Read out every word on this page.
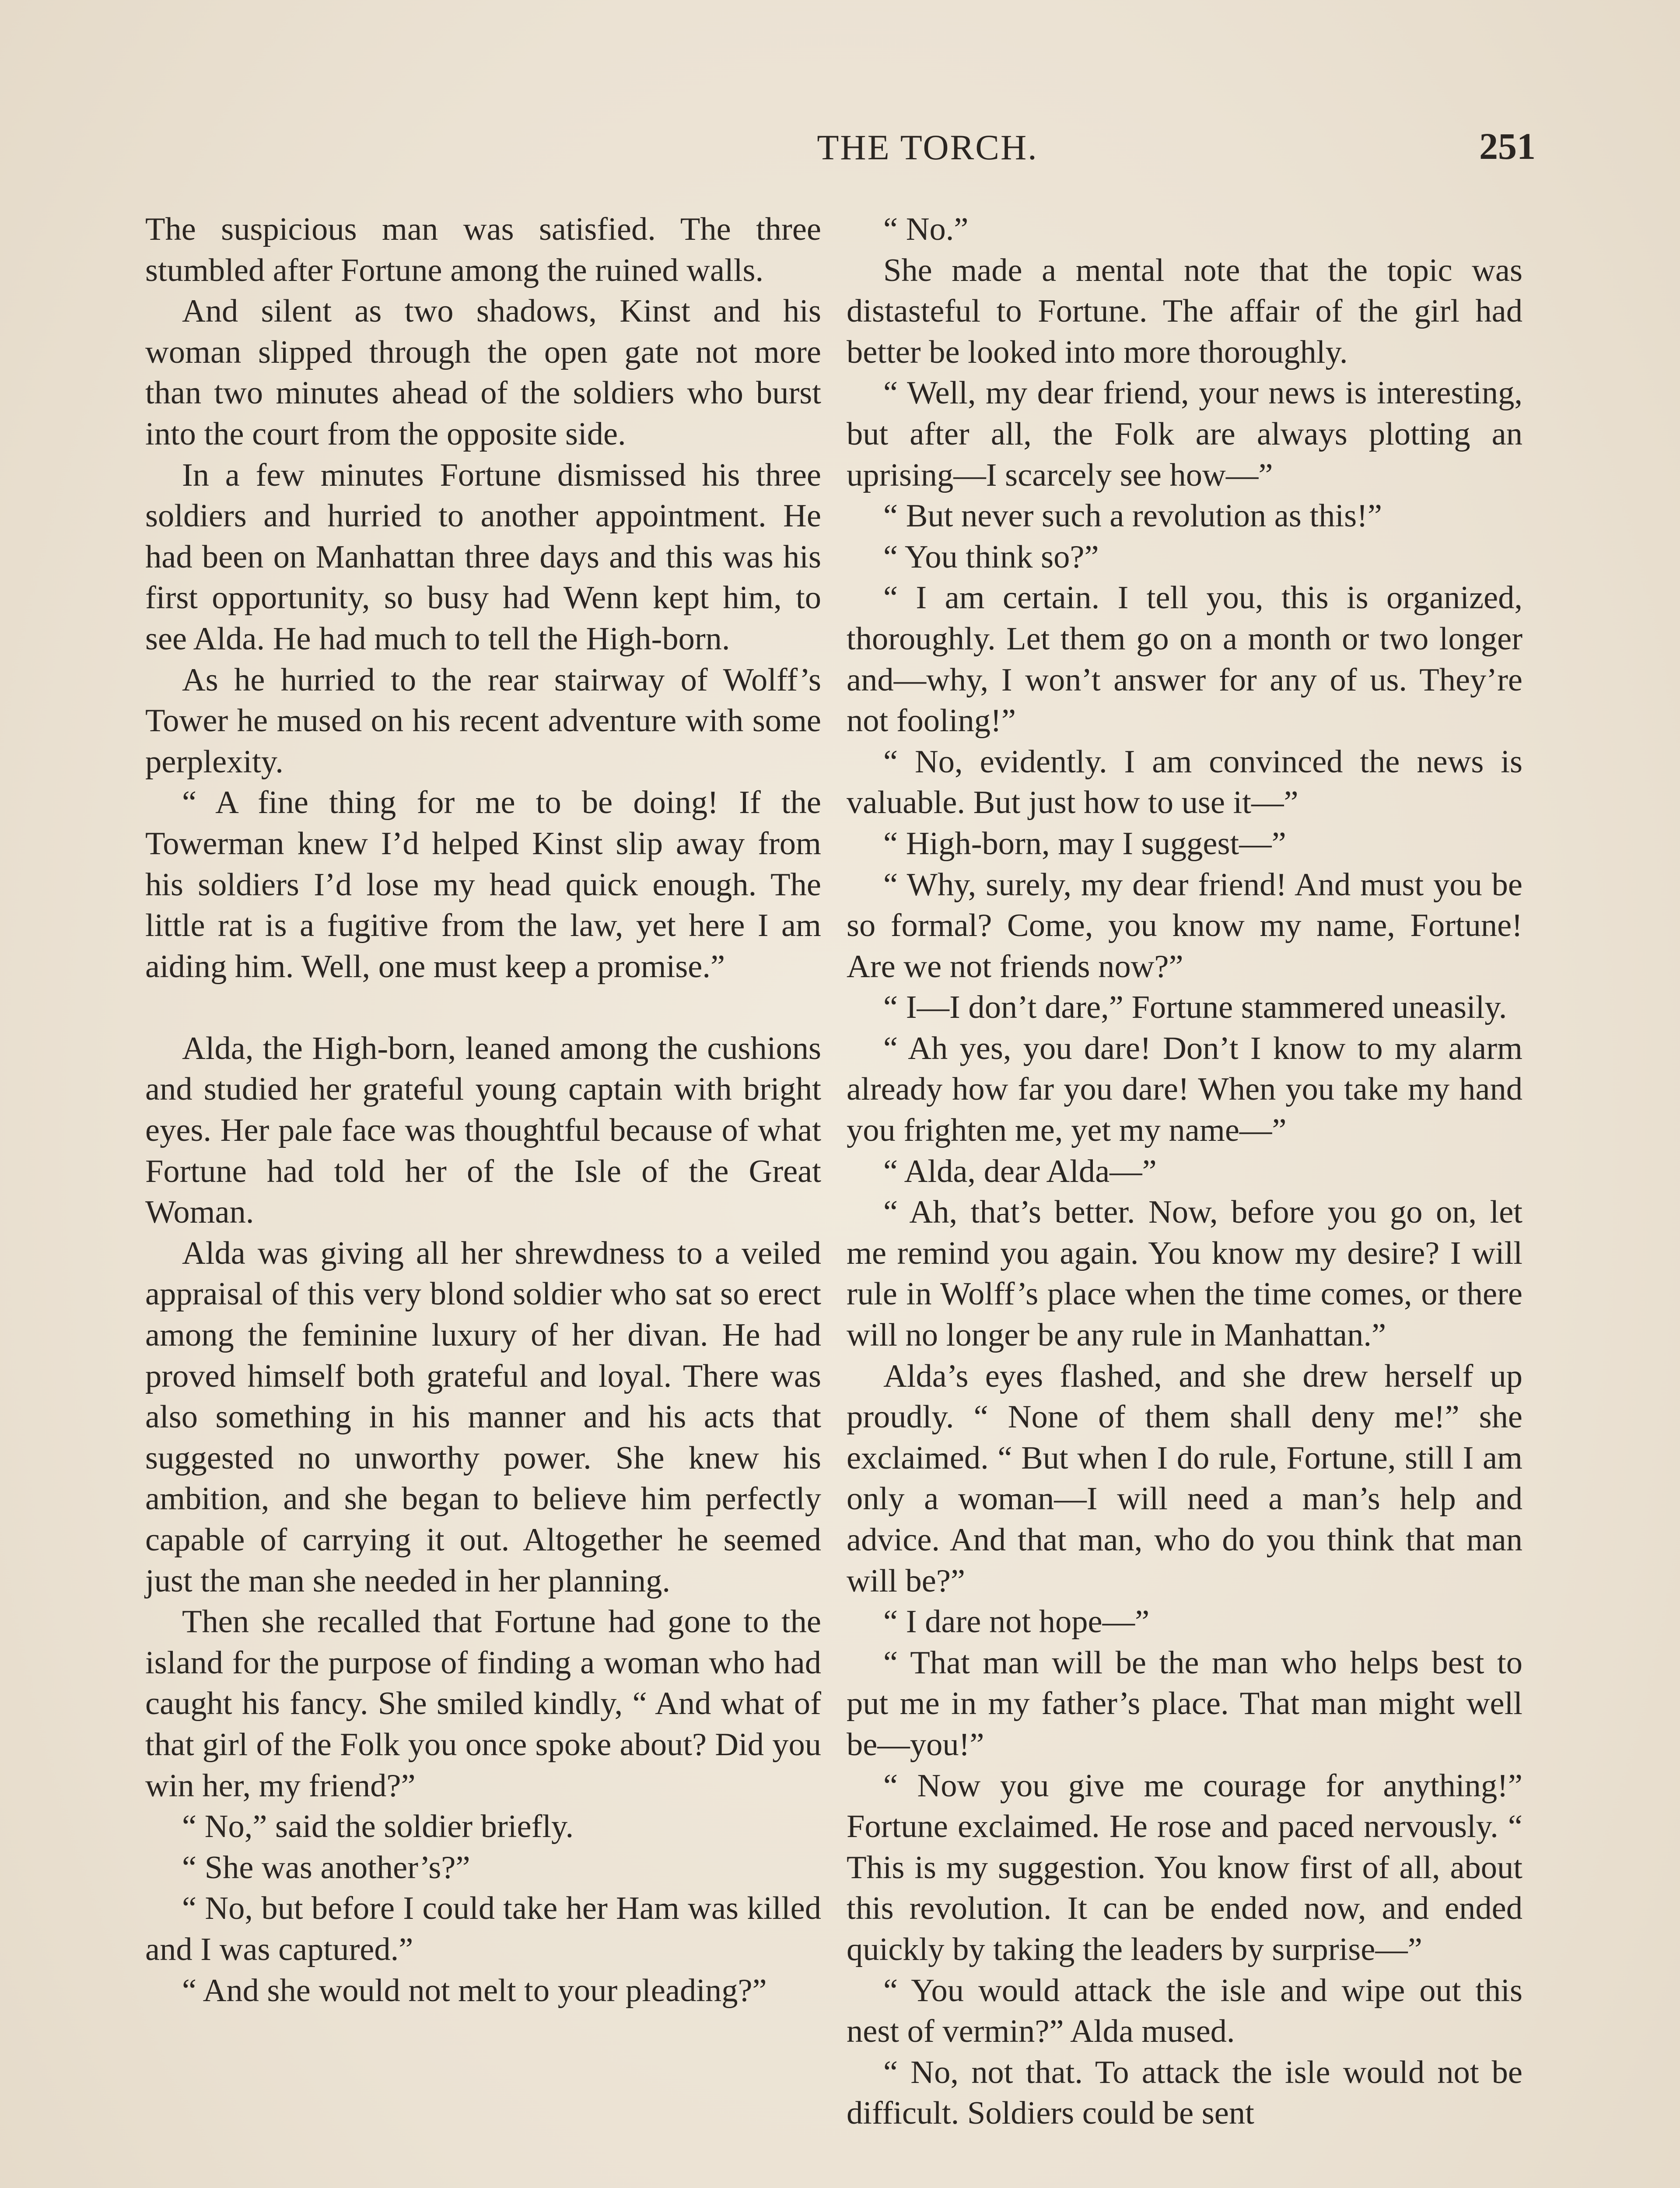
THE TORCH.	251

The suspicious man was satisfied. The three stumbled after Fortune among the ruined walls.

And silent as two shadows, Kinst and his woman slipped through the open gate not more than two minutes ahead of the soldiers who burst into the court from the opposite side.

In a few minutes Fortune dismissed his three soldiers and hurried to another appointment. He had been on Manhattan three days and this was his first opportunity, so busy had Wenn kept him, to see Alda. He had much to tell the High-born.

As he hurried to the rear stairway of Wolff’s Tower he mused on his recent adventure with some perplexity.

“ A fine thing for me to be doing! If the Towerman knew I’d helped Kinst slip away from his soldiers I’d lose my head quick enough. The little rat is a fugitive from the law, yet here I am aiding him. Well, one must keep a promise.”

Alda, the High-born, leaned among the cushions and studied her grateful young captain with bright eyes. Her pale face was thoughtful because of what Fortune had told her of the Isle of the Great Woman.

Alda was giving all her shrewdness to a veiled appraisal of this very blond soldier who sat so erect among the feminine luxury of her divan. He had proved himself both grateful and loyal. There was also something in his manner and his acts that suggested no unworthy power. She knew his ambition, and she began to believe him perfectly capable of carrying it out. Altogether he seemed just the man she needed in her planning.

Then she recalled that Fortune had gone to the island for the purpose of finding a woman who had caught his fancy. She smiled kindly, “ And what of that girl of the Folk you once spoke about? Did you win her, my friend?”

“ No,” said the soldier briefly.

“ She was another’s?”

“ No, but before I could take her Ham was killed and I was captured.”

“ And she would not melt to your pleading?”

“ No.”

She made a mental note that the topic was distasteful to Fortune. The affair of the girl had better be looked into more thoroughly.

“ Well, my dear friend, your news is interesting, but after all, the Folk are always plotting an uprising—I scarcely see how—”

“ But never such a revolution as this!”

“ You think so?”

“ I am certain. I tell you, this is organized, thoroughly. Let them go on a month or two longer and—why, I won’t answer for any of us. They’re not fooling!”

“ No, evidently. I am convinced the news is valuable. But just how to use it—”

“ High-born, may I suggest—”

“ Why, surely, my dear friend! And must you be so formal? Come, you know my name, Fortune! Are we not friends now?”

“ I—I don’t dare,” Fortune stammered uneasily.

“ Ah yes, you dare! Don’t I know to my alarm already how far you dare! When you take my hand you frighten me, yet my name—”

“ Alda, dear Alda—”

“ Ah, that’s better. Now, before you go on, let me remind you again. You know my desire? I will rule in Wolff’s place when the time comes, or there will no longer be any rule in Manhattan.”

Alda’s eyes flashed, and she drew herself up proudly. “ None of them shall deny me!” she exclaimed. “ But when I do rule, Fortune, still I am only a woman—I will need a man’s help and advice. And that man, who do you think that man will be?”

“ I dare not hope—”

“ That man will be the man who helps best to put me in my father’s place. That man might well be—you!”

“ Now you give me courage for anything!” Fortune exclaimed. He rose and paced nervously. “ This is my suggestion. You know first of all, about this revolution. It can be ended now, and ended quickly by taking the leaders by surprise—”

“ You would attack the isle and wipe out this nest of vermin?” Alda mused.

“ No, not that. To attack the isle would not be difficult. Soldiers could be sent
